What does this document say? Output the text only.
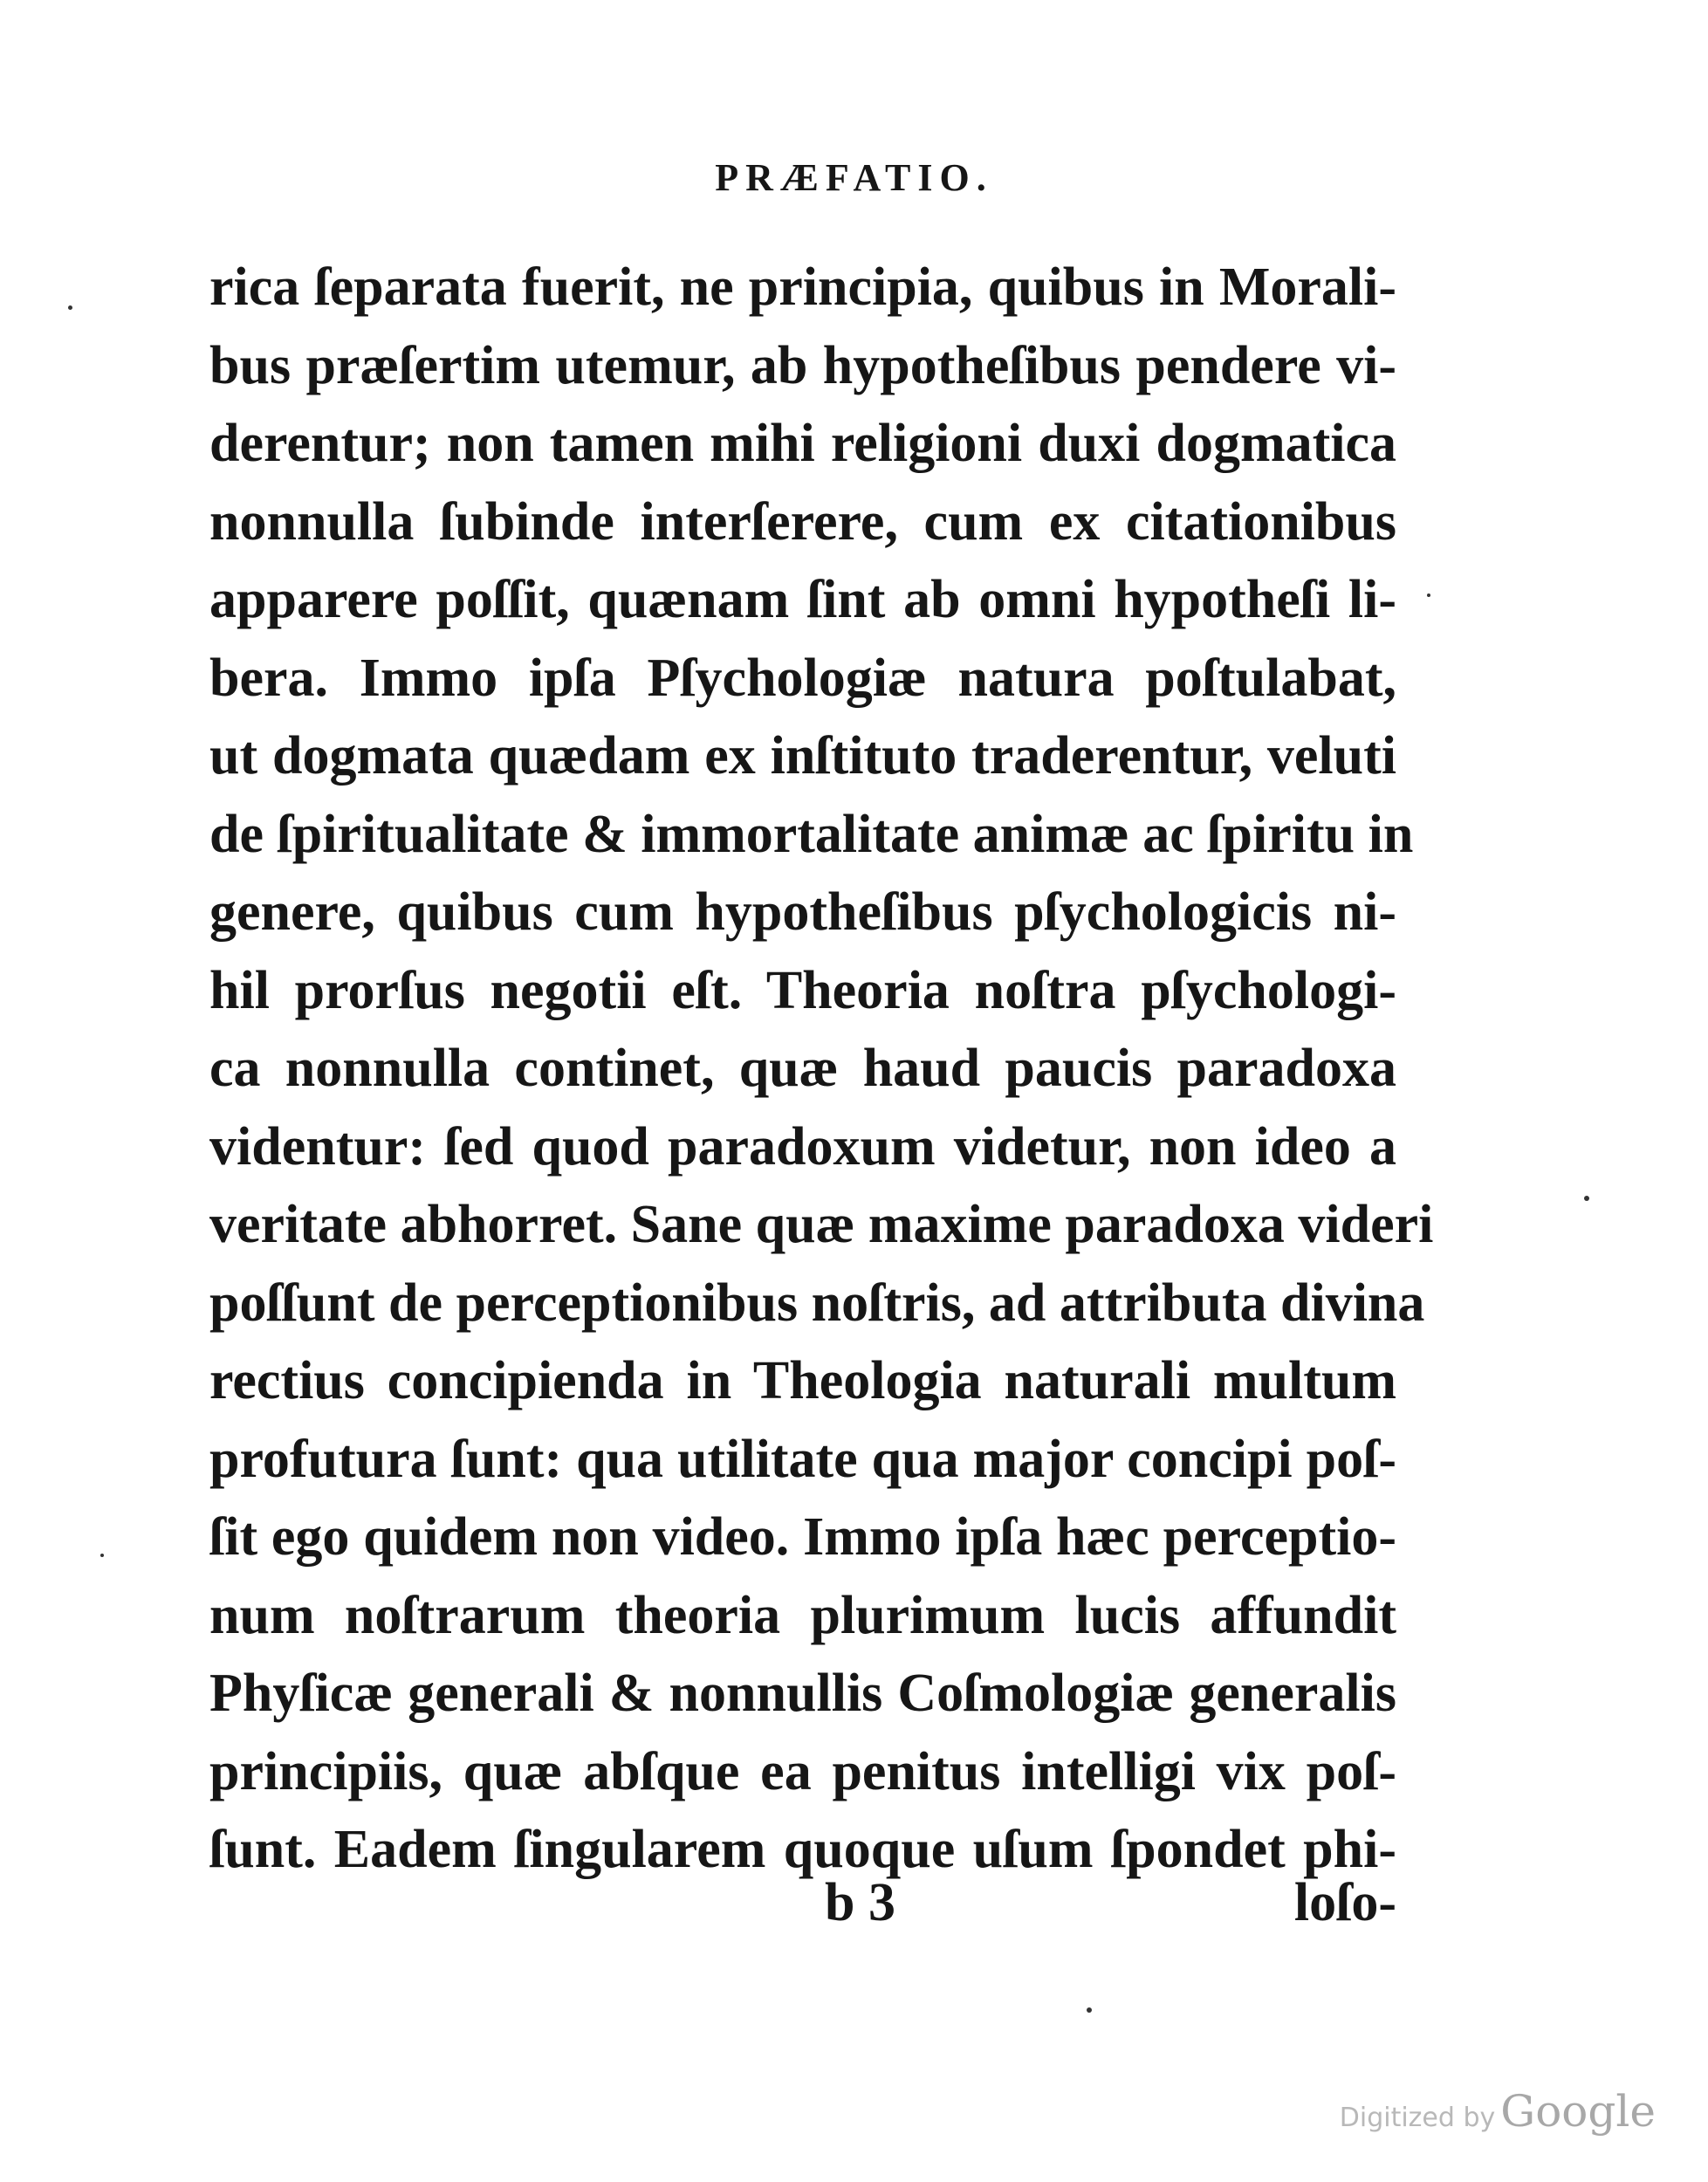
PRÆFATIO.
rica ſeparata fuerit, ne principia, quibus in Morali-
bus præſertim utemur, ab hypotheſibus pendere vi-
derentur; non tamen mihi religioni duxi dogmatica
nonnulla ſubinde interſerere, cum ex citationibus
apparere poſſit, quænam ſint ab omni hypotheſi li-
bera. Immo ipſa Pſychologiæ natura poſtulabat,
ut dogmata quædam ex inſtituto traderentur, veluti
de ſpiritualitate & immortalitate animæ ac ſpiritu in
genere, quibus cum hypotheſibus pſychologicis ni-
hil prorſus negotii eſt. Theoria noſtra pſychologi-
ca nonnulla continet, quæ haud paucis paradoxa
videntur: ſed quod paradoxum videtur, non ideo a
veritate abhorret. Sane quæ maxime paradoxa videri
poſſunt de perceptionibus noſtris, ad attributa divina
rectius concipienda in Theologia naturali multum
profutura ſunt: qua utilitate qua major concipi poſ-
ſit ego quidem non video. Immo ipſa hæc perceptio-
num noſtrarum theoria plurimum lucis affundit
Phyſicæ generali & nonnullis Coſmologiæ generalis
principiis, quæ abſque ea penitus intelligi vix poſ-
ſunt. Eadem ſingularem quoque uſum ſpondet phi-
b 3	loſo-
Digitized by Google
